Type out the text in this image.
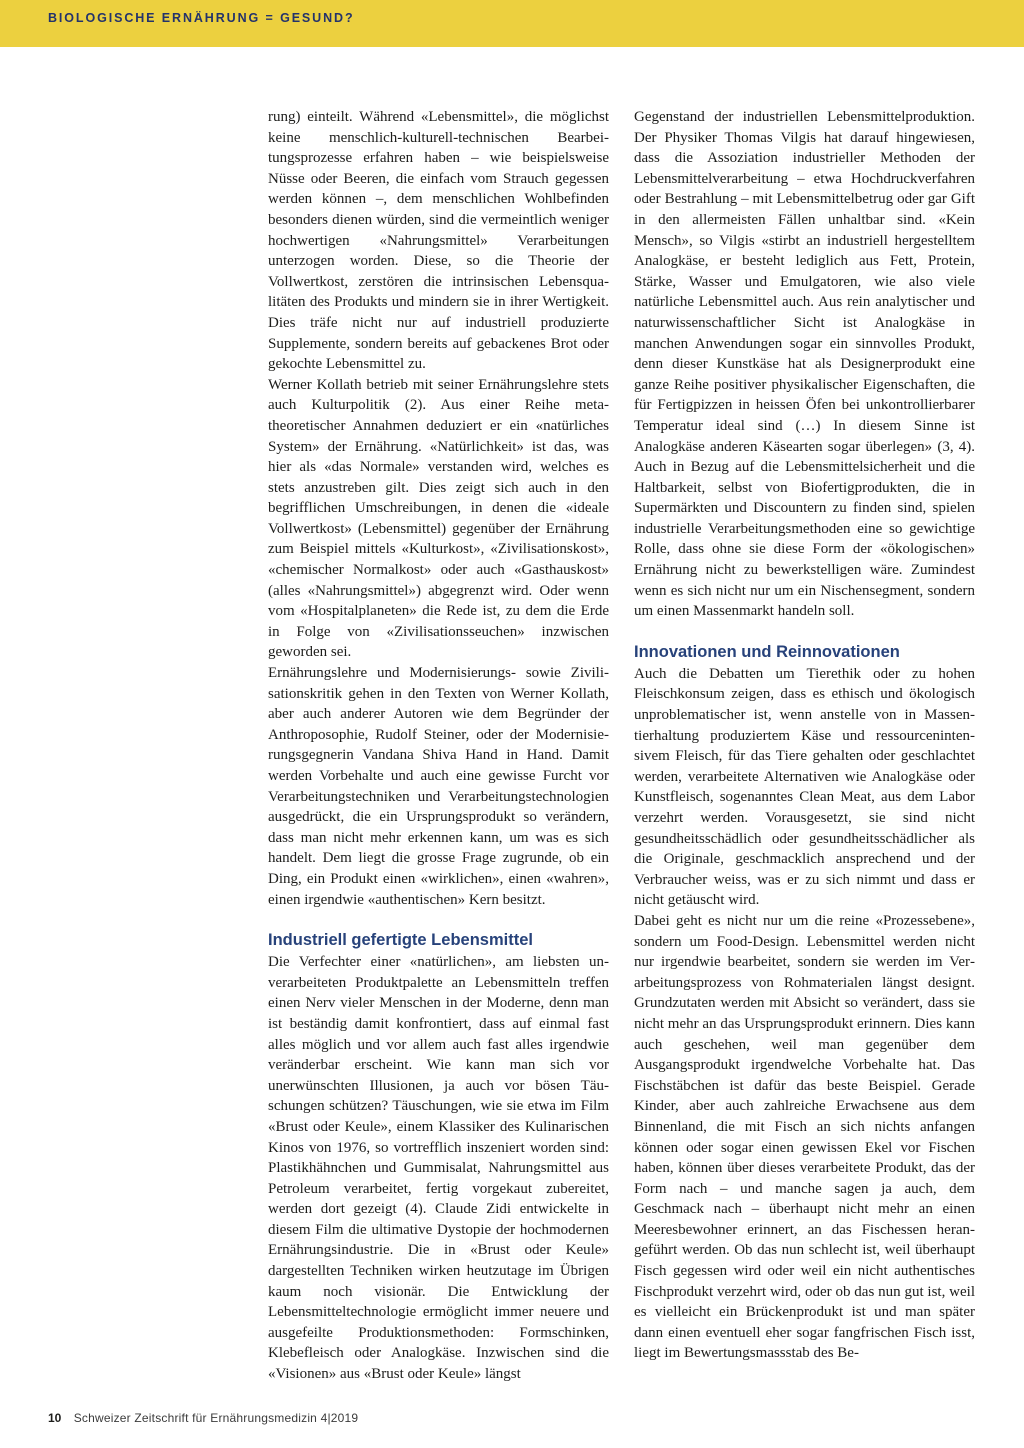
BIOLOGISCHE ERNÄHRUNG = GESUND?

rung) einteilt. Während «Lebensmittel», die möglichst keine menschlich-kulturell-technischen Bearbeitungsprozesse erfahren haben – wie beispielsweise Nüsse oder Beeren, die einfach vom Strauch gegessen werden können –, dem menschlichen Wohlbefinden besonders dienen würden, sind die vermeintlich weniger hochwertigen «Nahrungsmittel» Verarbeitungen unterzogen worden. Diese, so die Theorie der Vollwertkost, zerstören die intrinsischen Lebensqualitäten des Produkts und mindern sie in ihrer Wertigkeit. Dies träfe nicht nur auf industriell produzierte Supplemente, sondern bereits auf gebackenes Brot oder gekochte Lebensmittel zu.

Werner Kollath betrieb mit seiner Ernährungslehre stets auch Kulturpolitik (2). Aus einer Reihe metatheoretischer Annahmen deduziert er ein «natürliches System» der Ernährung. «Natürlichkeit» ist das, was hier als «das Normale» verstanden wird, welches es stets anzustreben gilt. Dies zeigt sich auch in den begrifflichen Umschreibungen, in denen die «ideale Vollwertkost» (Lebensmittel) gegenüber der Ernährung zum Beispiel mittels «Kulturkost», «Zivilisationskost», «chemischer Normalkost» oder auch «Gasthauskost» (alles «Nahrungsmittel») abgegrenzt wird. Oder wenn vom «Hospitalplaneten» die Rede ist, zu dem die Erde in Folge von «Zivilisationsseuchen» inzwischen geworden sei.

Ernährungslehre und Modernisierungs- sowie Zivilisationskritik gehen in den Texten von Werner Kollath, aber auch anderer Autoren wie dem Begründer der Anthroposophie, Rudolf Steiner, oder der Modernisierungsgegnerin Vandana Shiva Hand in Hand. Damit werden Vorbehalte und auch eine gewisse Furcht vor Verarbeitungstechniken und Verarbeitungstechnologien ausgedrückt, die ein Ursprungsprodukt so verändern, dass man nicht mehr erkennen kann, um was es sich handelt. Dem liegt die grosse Frage zugrunde, ob ein Ding, ein Produkt einen «wirklichen», einen «wahren», einen irgendwie «authentischen» Kern besitzt.

Industriell gefertigte Lebensmittel

Die Verfechter einer «natürlichen», am liebsten unverarbeiteten Produktpalette an Lebensmitteln treffen einen Nerv vieler Menschen in der Moderne, denn man ist beständig damit konfrontiert, dass auf einmal fast alles möglich und vor allem auch fast alles irgendwie veränderbar erscheint. Wie kann man sich vor unerwünschten Illusionen, ja auch vor bösen Täuschungen schützen? Täuschungen, wie sie etwa im Film «Brust oder Keule», einem Klassiker des Kulinarischen Kinos von 1976, so vortrefflich inszeniert worden sind: Plastikhähnchen und Gummisalat, Nahrungsmittel aus Petroleum verarbeitet, fertig vorgekaut zubereitet, werden dort gezeigt (4). Claude Zidi entwickelte in diesem Film die ultimative Dystopie der hochmodernen Ernährungsindustrie. Die in «Brust oder Keule» dargestellten Techniken wirken heutzutage im Übrigen kaum noch visionär. Die Entwicklung der Lebensmitteltechnologie ermöglicht immer neuere und ausgefeilte Produktionsmethoden: Formschinken, Klebefleisch oder Analogkäse. Inzwischen sind die «Visionen» aus «Brust oder Keule» längst

Gegenstand der industriellen Lebensmittelproduktion. Der Physiker Thomas Vilgis hat darauf hingewiesen, dass die Assoziation industrieller Methoden der Lebensmittelverarbeitung – etwa Hochdruckverfahren oder Bestrahlung – mit Lebensmittelbetrug oder gar Gift in den allermeisten Fällen unhaltbar sind. «Kein Mensch», so Vilgis «stirbt an industriell hergestelltem Analogkäse, er besteht lediglich aus Fett, Protein, Stärke, Wasser und Emulgatoren, wie also viele natürliche Lebensmittel auch. Aus rein analytischer und naturwissenschaftlicher Sicht ist Analogkäse in manchen Anwendungen sogar ein sinnvolles Produkt, denn dieser Kunstkäse hat als Designerprodukt eine ganze Reihe positiver physikalischer Eigenschaften, die für Fertigpizzen in heissen Öfen bei unkontrollierbarer Temperatur ideal sind (…) In diesem Sinne ist Analogkäse anderen Käsearten sogar überlegen» (3, 4). Auch in Bezug auf die Lebensmittelsicherheit und die Haltbarkeit, selbst von Biofertigprodukten, die in Supermärkten und Discountern zu finden sind, spielen industrielle Verarbeitungsmethoden eine so gewichtige Rolle, dass ohne sie diese Form der «ökologischen» Ernährung nicht zu bewerkstelligen wäre. Zumindest wenn es sich nicht nur um ein Nischensegment, sondern um einen Massenmarkt handeln soll.

Innovationen und Reinnovationen

Auch die Debatten um Tierethik oder zu hohen Fleischkonsum zeigen, dass es ethisch und ökologisch unproblematischer ist, wenn anstelle von in Massentierhaltung produziertem Käse und ressourcenintensivem Fleisch, für das Tiere gehalten oder geschlachtet werden, verarbeitete Alternativen wie Analogkäse oder Kunstfleisch, sogenanntes Clean Meat, aus dem Labor verzehrt werden. Vorausgesetzt, sie sind nicht gesundheitsschädlich oder gesundheitsschädlicher als die Originale, geschmacklich ansprechend und der Verbraucher weiss, was er zu sich nimmt und dass er nicht getäuscht wird.

Dabei geht es nicht nur um die reine «Prozessebene», sondern um Food-Design. Lebensmittel werden nicht nur irgendwie bearbeitet, sondern sie werden im Verarbeitungsprozess von Rohmaterialen längst designt. Grundzutaten werden mit Absicht so verändert, dass sie nicht mehr an das Ursprungsprodukt erinnern. Dies kann auch geschehen, weil man gegenüber dem Ausgangsprodukt irgendwelche Vorbehalte hat. Das Fischstäbchen ist dafür das beste Beispiel. Gerade Kinder, aber auch zahlreiche Erwachsene aus dem Binnenland, die mit Fisch an sich nichts anfangen können oder sogar einen gewissen Ekel vor Fischen haben, können über dieses verarbeitete Produkt, das der Form nach – und manche sagen ja auch, dem Geschmack nach – überhaupt nicht mehr an einen Meeresbewohner erinnert, an das Fischessen herangeführt werden. Ob das nun schlecht ist, weil überhaupt Fisch gegessen wird oder weil ein nicht authentisches Fischprodukt verzehrt wird, oder ob das nun gut ist, weil es vielleicht ein Brückenprodukt ist und man später dann einen eventuell eher sogar fangfrischen Fisch isst, liegt im Bewertungsmassstab des Be-

10 Schweizer Zeitschrift für Ernährungsmedizin 4|2019
